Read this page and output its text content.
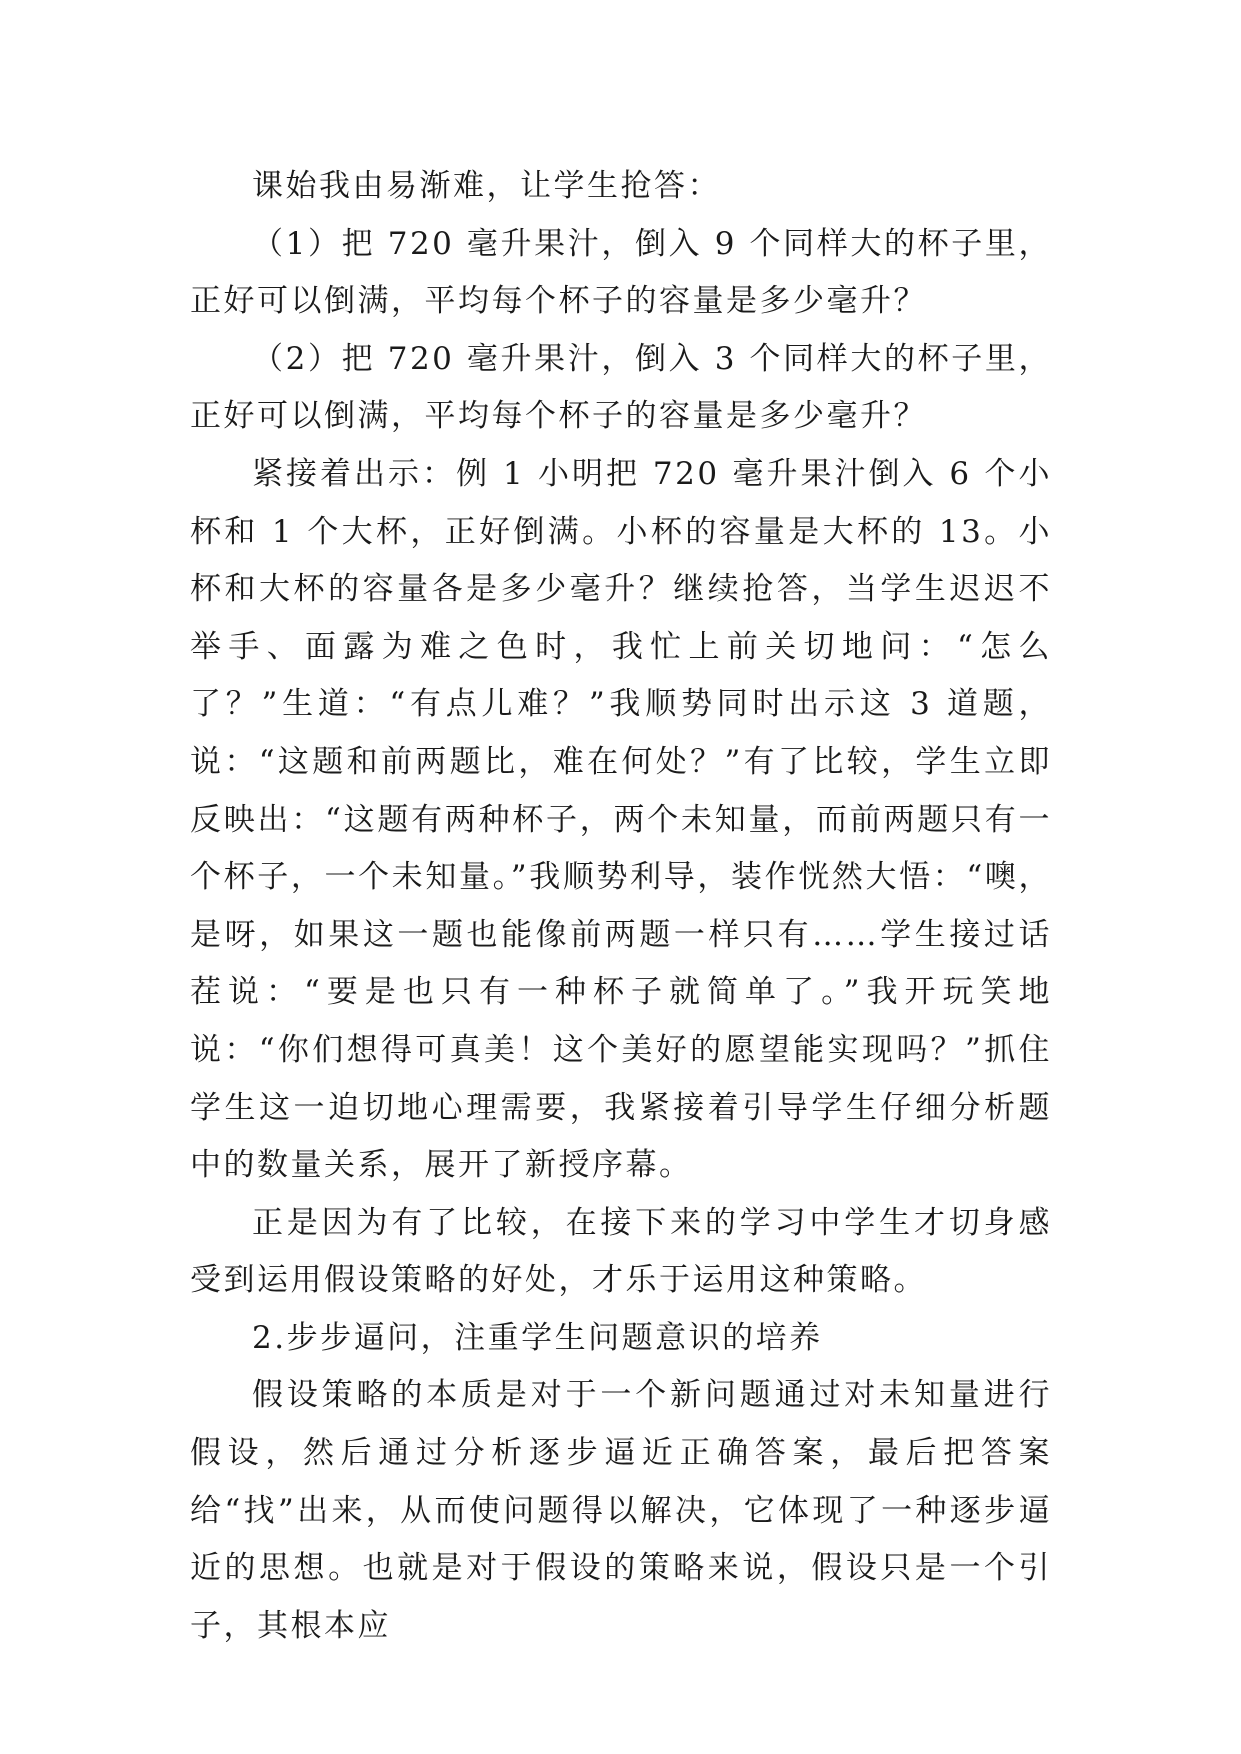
课始我由易渐难，让学生抢答：

（1）把 720 毫升果汁，倒入 9 个同样大的杯子里，正好可以倒满，平均每个杯子的容量是多少毫升？

（2）把 720 毫升果汁，倒入 3 个同样大的杯子里，正好可以倒满，平均每个杯子的容量是多少毫升？

紧接着出示：例 1 小明把 720 毫升果汁倒入 6 个小杯和 1 个大杯，正好倒满。小杯的容量是大杯的 13。小杯和大杯的容量各是多少毫升？继续抢答，当学生迟迟不举手、面露为难之色时，我忙上前关切地问：“怎么了？”生道：“有点儿难？”我顺势同时出示这 3 道题，说：“这题和前两题比，难在何处？”有了比较，学生立即反映出：“这题有两种杯子，两个未知量，而前两题只有一个杯子，一个未知量。”我顺势利导，装作恍然大悟：“噢，是呀，如果这一题也能像前两题一样只有……学生接过话茬说：“要是也只有一种杯子就简单了。”我开玩笑地说：“你们想得可真美！这个美好的愿望能实现吗？”抓住学生这一迫切地心理需要，我紧接着引导学生仔细分析题中的数量关系，展开了新授序幕。

正是因为有了比较，在接下来的学习中学生才切身感受到运用假设策略的好处，才乐于运用这种策略。

2.步步逼问，注重学生问题意识的培养

假设策略的本质是对于一个新问题通过对未知量进行假设，然后通过分析逐步逼近正确答案，最后把答案给“找”出来，从而使问题得以解决，它体现了一种逐步逼近的思想。也就是对于假设的策略来说，假设只是一个引子，其根本应
